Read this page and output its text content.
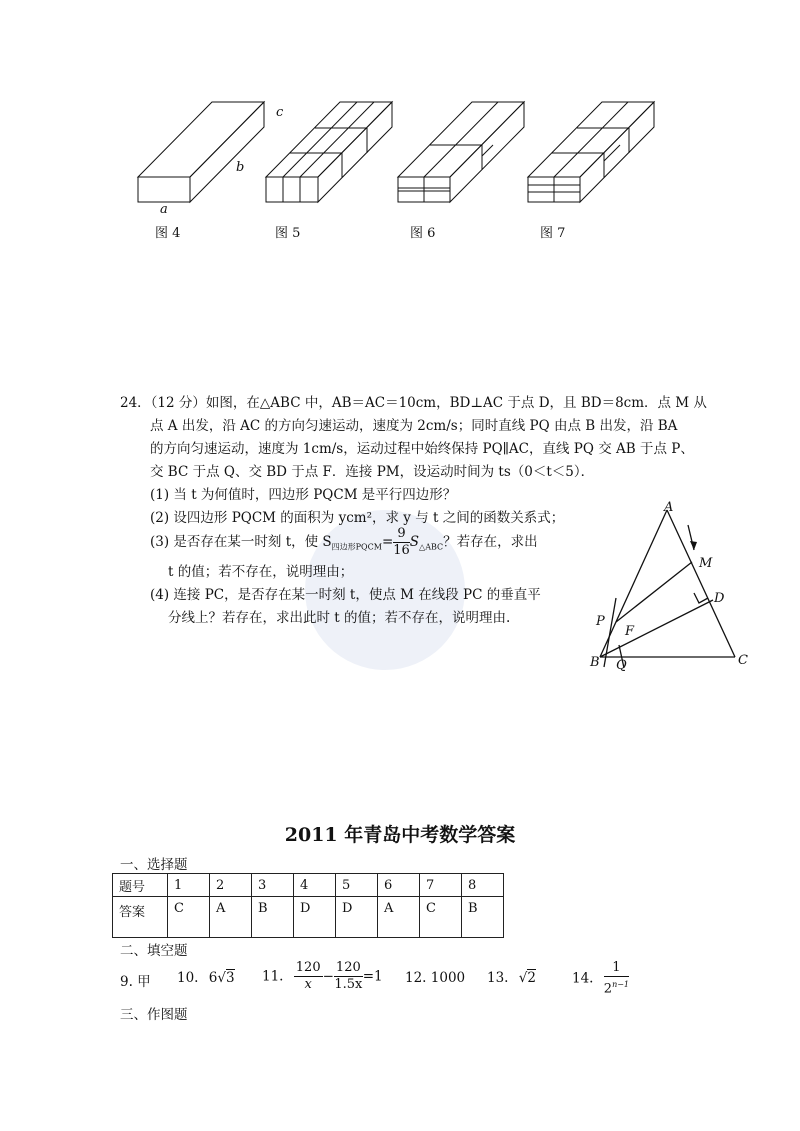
a
b
c
图 4	图 5	图 6	图 7
24．（12 分）如图，在△ABC 中，AB＝AC＝10cm，BD⊥AC 于点 D，且 BD＝8cm．点 M 从
点 A 出发，沿 AC 的方向匀速运动，速度为 2cm/s；同时直线 PQ 由点 B 出发，沿 BA
的方向匀速运动，速度为 1cm/s，运动过程中始终保持 PQ∥AC，直线 PQ 交 AB 于点 P、
交 BC 于点 Q、交 BD 于点 F．连接 PM，设运动时间为 ts（0＜t＜5）．
(1) 当 t 为何值时，四边形 PQCM 是平行四边形？
(2) 设四边形 PQCM 的面积为 ycm²，求 y 与 t 之间的函数关系式；
(3) 是否存在某一时刻 t，使 $S_{四边形PQCM}= \frac{9}{16} S_{\triangle ABC}$？若存在，求出
t 的值；若不存在，说明理由；
(4) 连接 PC，是否存在某一时刻 t，使点 M 在线段 PC 的垂直平
分线上？若存在，求出此时 t 的值；若不存在，说明理由.
A
M
D
P
F
B Q	C
2011 年青岛中考数学答案
一、选择题
题号	1	2	3	4	5	6	7	8
答案	C	A	B	D	D	A	C	B
二、填空题
9. 甲 10. 6√3 11. $\frac{120}{x} - \frac{120}{1.5x} =1$ 12. 1000 13. √2	14. $\frac{1}{2^{n-1}}$
三、作图题
